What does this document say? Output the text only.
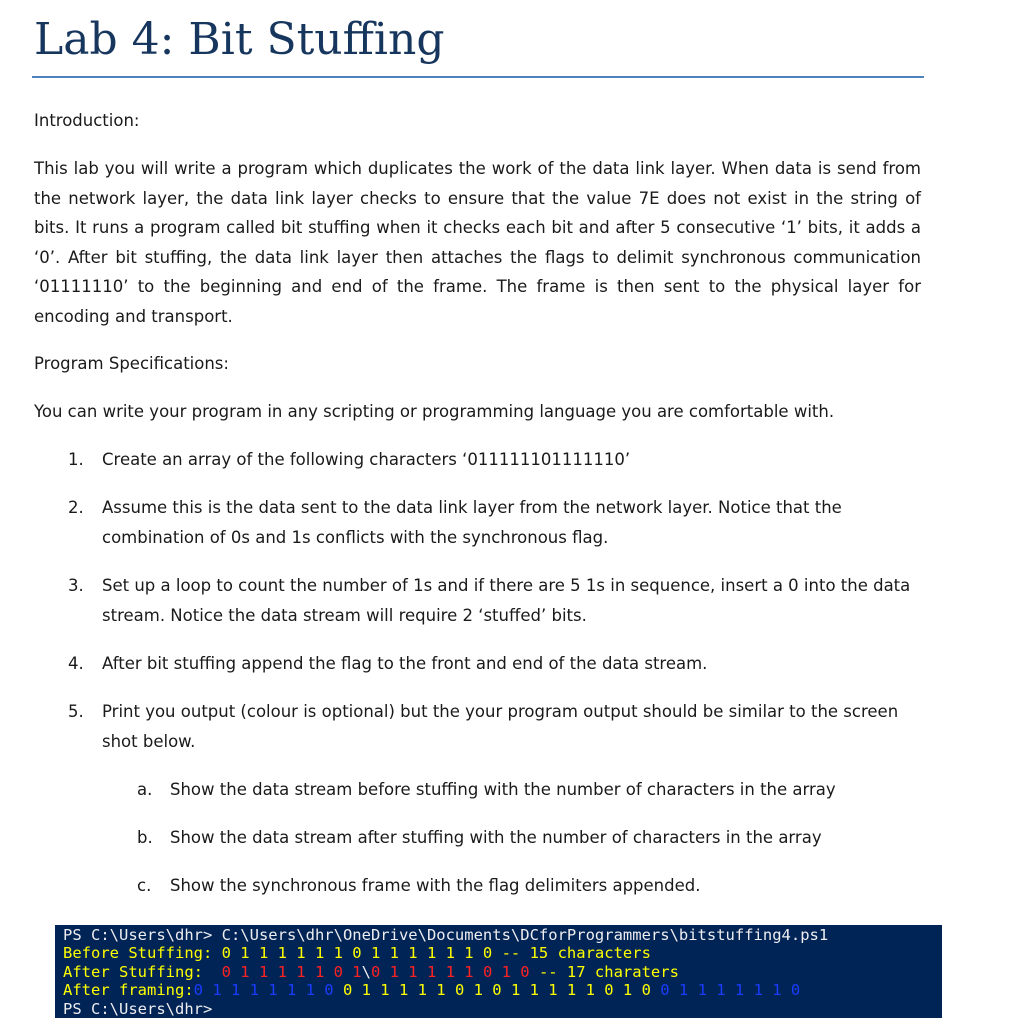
Lab 4: Bit Stuffing

Introduction:

This lab you will write a program which duplicates the work of the data link layer. When data is send from the network layer, the data link layer checks to ensure that the value 7E does not exist in the string of bits. It runs a program called bit stuffing when it checks each bit and after 5 consecutive ‘1’ bits, it adds a ‘0’. After bit stuffing, the data link layer then attaches the flags to delimit synchronous communication ‘01111110’ to the beginning and end of the frame. The frame is then sent to the physical layer for encoding and transport.

Program Specifications:

You can write your program in any scripting or programming language you are comfortable with.

1. Create an array of the following characters ‘011111101111110’
2. Assume this is the data sent to the data link layer from the network layer. Notice that the combination of 0s and 1s conflicts with the synchronous flag.
3. Set up a loop to count the number of 1s and if there are 5 1s in sequence, insert a 0 into the data stream. Notice the data stream will require 2 ‘stuffed’ bits.
4. After bit stuffing append the flag to the front and end of the data stream.
5. Print you output (colour is optional) but the your program output should be similar to the screen shot below.
a. Show the data stream before stuffing with the number of characters in the array
b. Show the data stream after stuffing with the number of characters in the array
c. Show the synchronous frame with the flag delimiters appended.
PS C:\Users\dhr> C:\Users\dhr\OneDrive\Documents\DCforProgrammers\bitstuffing4.ps1
Before Stuffing: 0 1 1 1 1 1 1 0 1 1 1 1 1 1 0 -- 15 characters
After Stuffing:  0 1 1 1 1 1 0 1\0 1 1 1 1 1 0 1 0 -- 17 charaters
After framing:0 1 1 1 1 1 1 0 0 1 1 1 1 1 0 1 0 1 1 1 1 1 0 1 0 0 1 1 1 1 1 1 0
PS C:\Users\dhr>
